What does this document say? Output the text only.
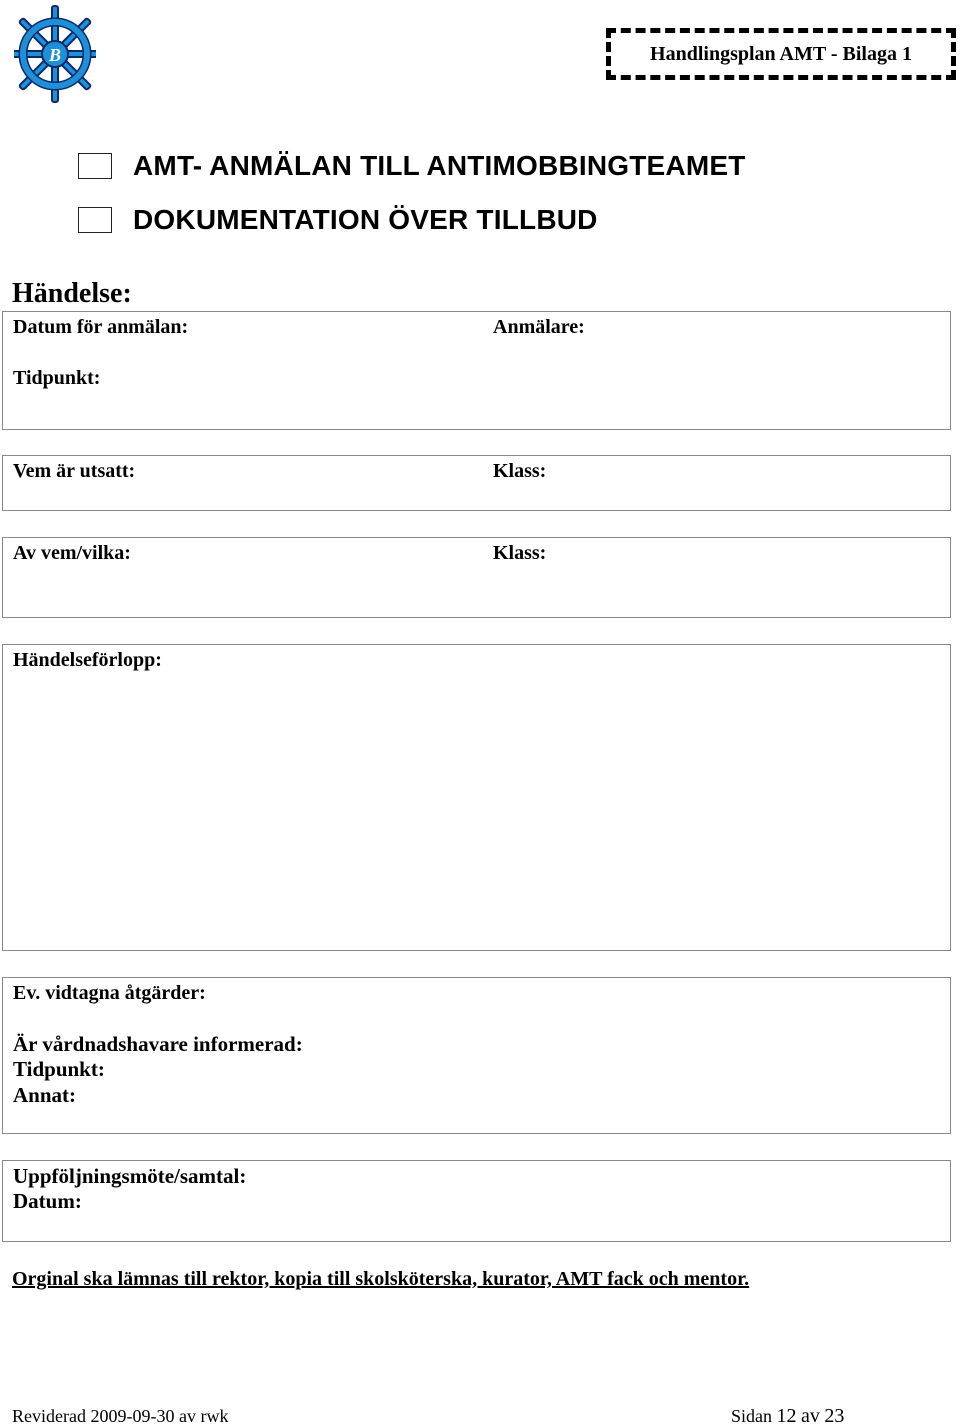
B	Handlingsplan AMT - Bilaga 1
AMT- ANMÄLAN TILL ANTIMOBBINGTEAMET
DOKUMENTATION ÖVER TILLBUD
Händelse:
Datum för anmälan:	Anmälare:
Tidpunkt:
Vem är utsatt:	Klass:
Av vem/vilka:	Klass:
Händelseförlopp:
Ev. vidtagna åtgärder:
Är vårdnadshavare informerad:
Tidpunkt:
Annat:
Uppföljningsmöte/samtal:
Datum:
Orginal ska lämnas till rektor, kopia till skolsköterska, kurator, AMT fack och mentor.
Reviderad 2009-09-30 av rwk	Sidan 12 av 23
